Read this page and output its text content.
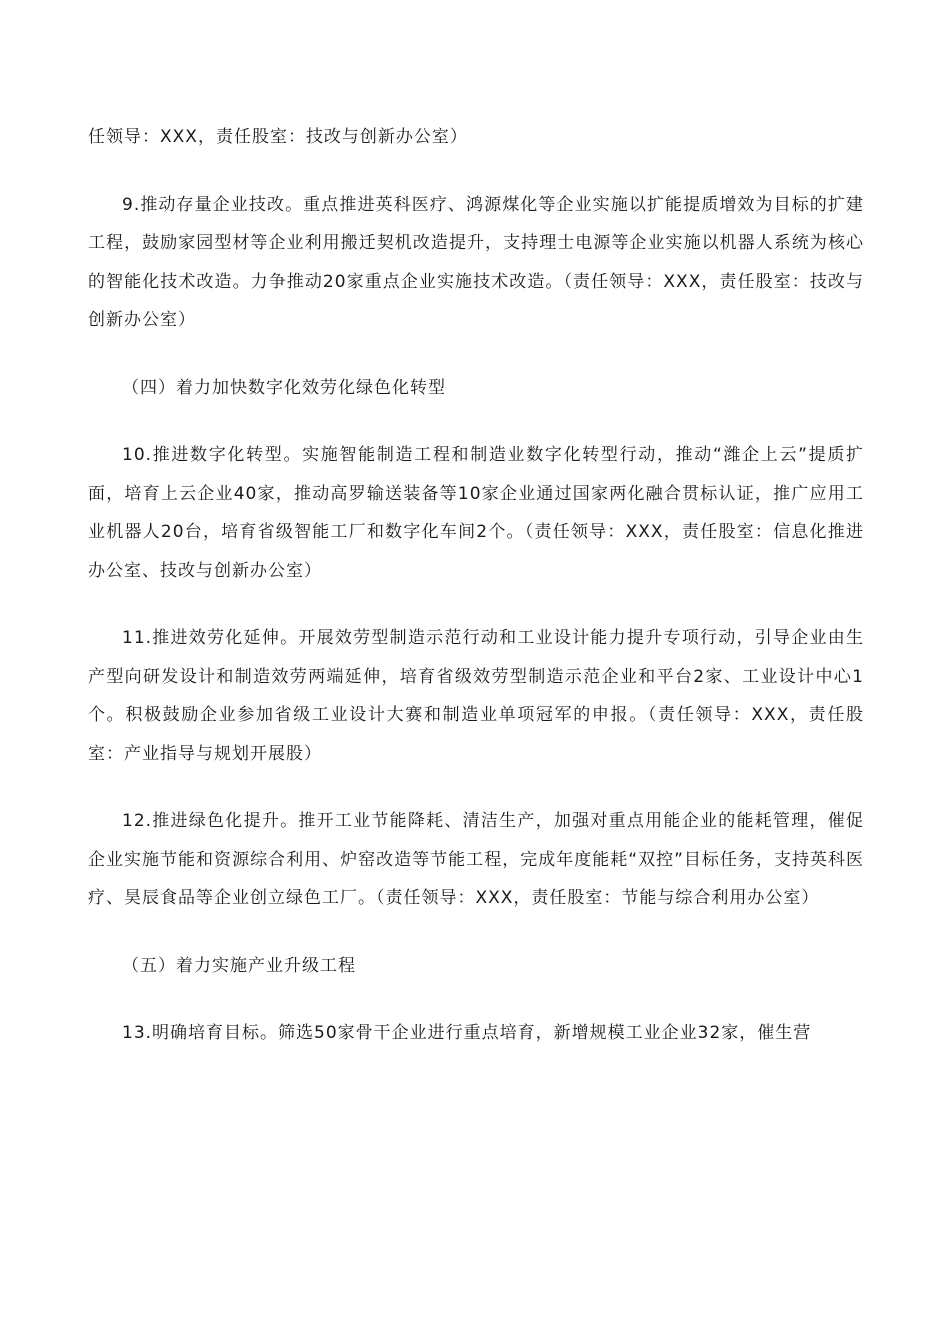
任领导：XXX，责任股室：技改与创新办公室）

9.推动存量企业技改。重点推进英科医疗、鸿源煤化等企业实施以扩能提质增效为目标的扩建工程，鼓励家园型材等企业利用搬迁契机改造提升，支持理士电源等企业实施以机器人系统为核心的智能化技术改造。力争推动20家重点企业实施技术改造。（责任领导：XXX，责任股室：技改与创新办公室）

（四）着力加快数字化效劳化绿色化转型

10.推进数字化转型。实施智能制造工程和制造业数字化转型行动，推动“潍企上云”提质扩面，培育上云企业40家，推动高罗输送装备等10家企业通过国家两化融合贯标认证，推广应用工业机器人20台，培育省级智能工厂和数字化车间2个。（责任领导：XXX，责任股室：信息化推进办公室、技改与创新办公室）

11.推进效劳化延伸。开展效劳型制造示范行动和工业设计能力提升专项行动，引导企业由生产型向研发设计和制造效劳两端延伸，培育省级效劳型制造示范企业和平台2家、工业设计中心1个。积极鼓励企业参加省级工业设计大赛和制造业单项冠军的申报。（责任领导：XXX，责任股室：产业指导与规划开展股）

12.推进绿色化提升。推开工业节能降耗、清洁生产，加强对重点用能企业的能耗管理，催促企业实施节能和资源综合利用、炉窑改造等节能工程，完成年度能耗“双控”目标任务，支持英科医疗、昊辰食品等企业创立绿色工厂。（责任领导：XXX，责任股室：节能与综合利用办公室）

（五）着力实施产业升级工程

13.明确培育目标。筛选50家骨干企业进行重点培育，新增规模工业企业32家，催生营
